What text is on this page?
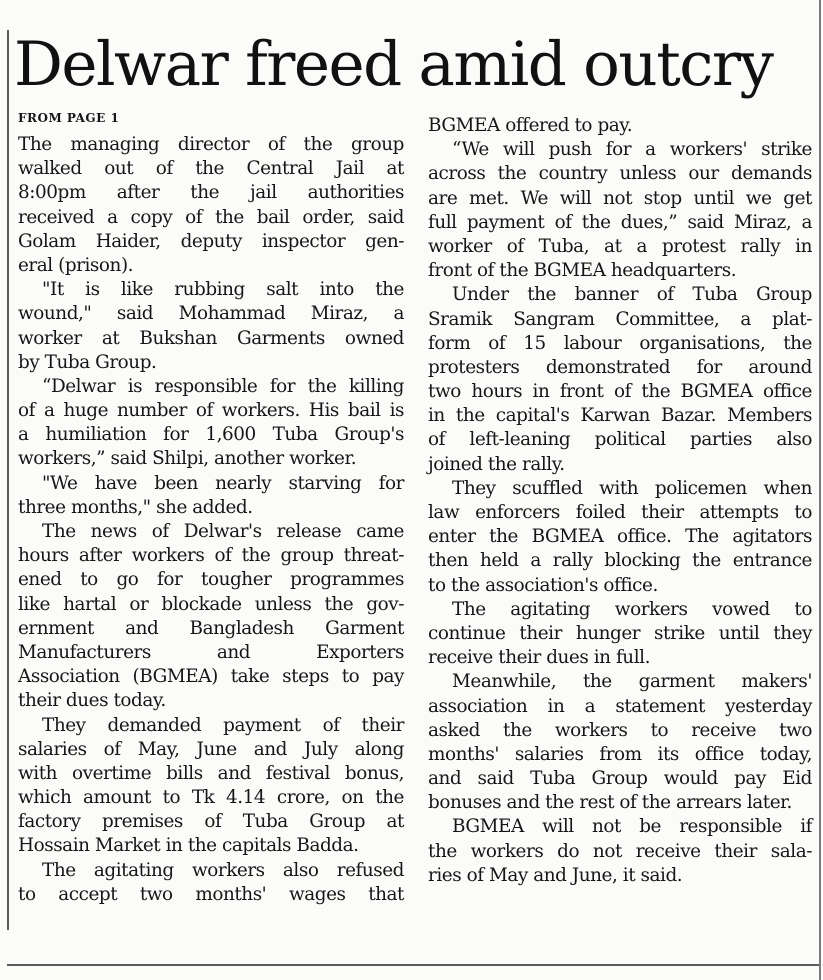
Delwar freed amid outcry
FROM PAGE 1

The managing director of the group
walked out of the Central Jail at
8:00pm after the jail authorities
received a copy of the bail order, said
Golam Haider, deputy inspector gen-
eral (prison).

"It is like rubbing salt into the
wound," said Mohammad Miraz, a
worker at Bukshan Garments owned
by Tuba Group.

“Delwar is responsible for the killing
of a huge number of workers. His bail is
a humiliation for 1,600 Tuba Group's
workers,” said Shilpi, another worker.

"We have been nearly starving for
three months," she added.

The news of Delwar's release came
hours after workers of the group threat-
ened to go for tougher programmes
like hartal or blockade unless the gov-
ernment and Bangladesh Garment
Manufacturers and Exporters
Association (BGMEA) take steps to pay
their dues today.

They demanded payment of their
salaries of May, June and July along
with overtime bills and festival bonus,
which amount to Tk 4.14 crore, on the
factory premises of Tuba Group at
Hossain Market in the capitals Badda.

The agitating workers also refused
to accept two months' wages that

BGMEA offered to pay.

“We will push for a workers' strike
across the country unless our demands
are met. We will not stop until we get
full payment of the dues,” said Miraz, a
worker of Tuba, at a protest rally in
front of the BGMEA headquarters.

Under the banner of Tuba Group
Sramik Sangram Committee, a plat-
form of 15 labour organisations, the
protesters demonstrated for around
two hours in front of the BGMEA office
in the capital's Karwan Bazar. Members
of left-leaning political parties also
joined the rally.

They scuffled with policemen when
law enforcers foiled their attempts to
enter the BGMEA office. The agitators
then held a rally blocking the entrance
to the association's office.

The agitating workers vowed to
continue their hunger strike until they
receive their dues in full.

Meanwhile, the garment makers'
association in a statement yesterday
asked the workers to receive two
months' salaries from its office today,
and said Tuba Group would pay Eid
bonuses and the rest of the arrears later.

BGMEA will not be responsible if
the workers do not receive their sala-
ries of May and June, it said.
